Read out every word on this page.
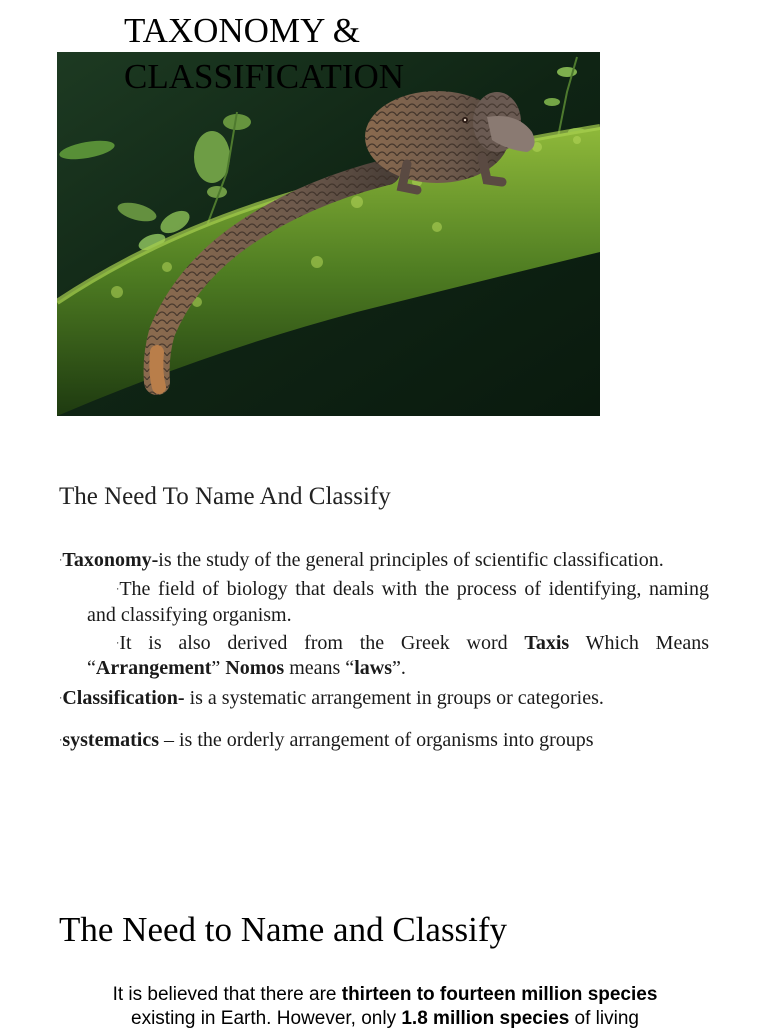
TAXONOMY & CLASSIFICATION
The Need To Name And Classify

·Taxonomy-is the study of the general principles of scientific classification.

·The field of biology that deals with the process of identifying, naming and classifying organism.

·It is also derived from the Greek word Taxis Which Means “Arrangement” Nomos means “laws”.

·Classification- is a systematic arrangement in groups or categories.

·systematics – is the orderly arrangement of organisms into groups

The Need to Name and Classify

It is believed that there are thirteen to fourteen million species
existing in Earth. However, only 1.8 million species of living
